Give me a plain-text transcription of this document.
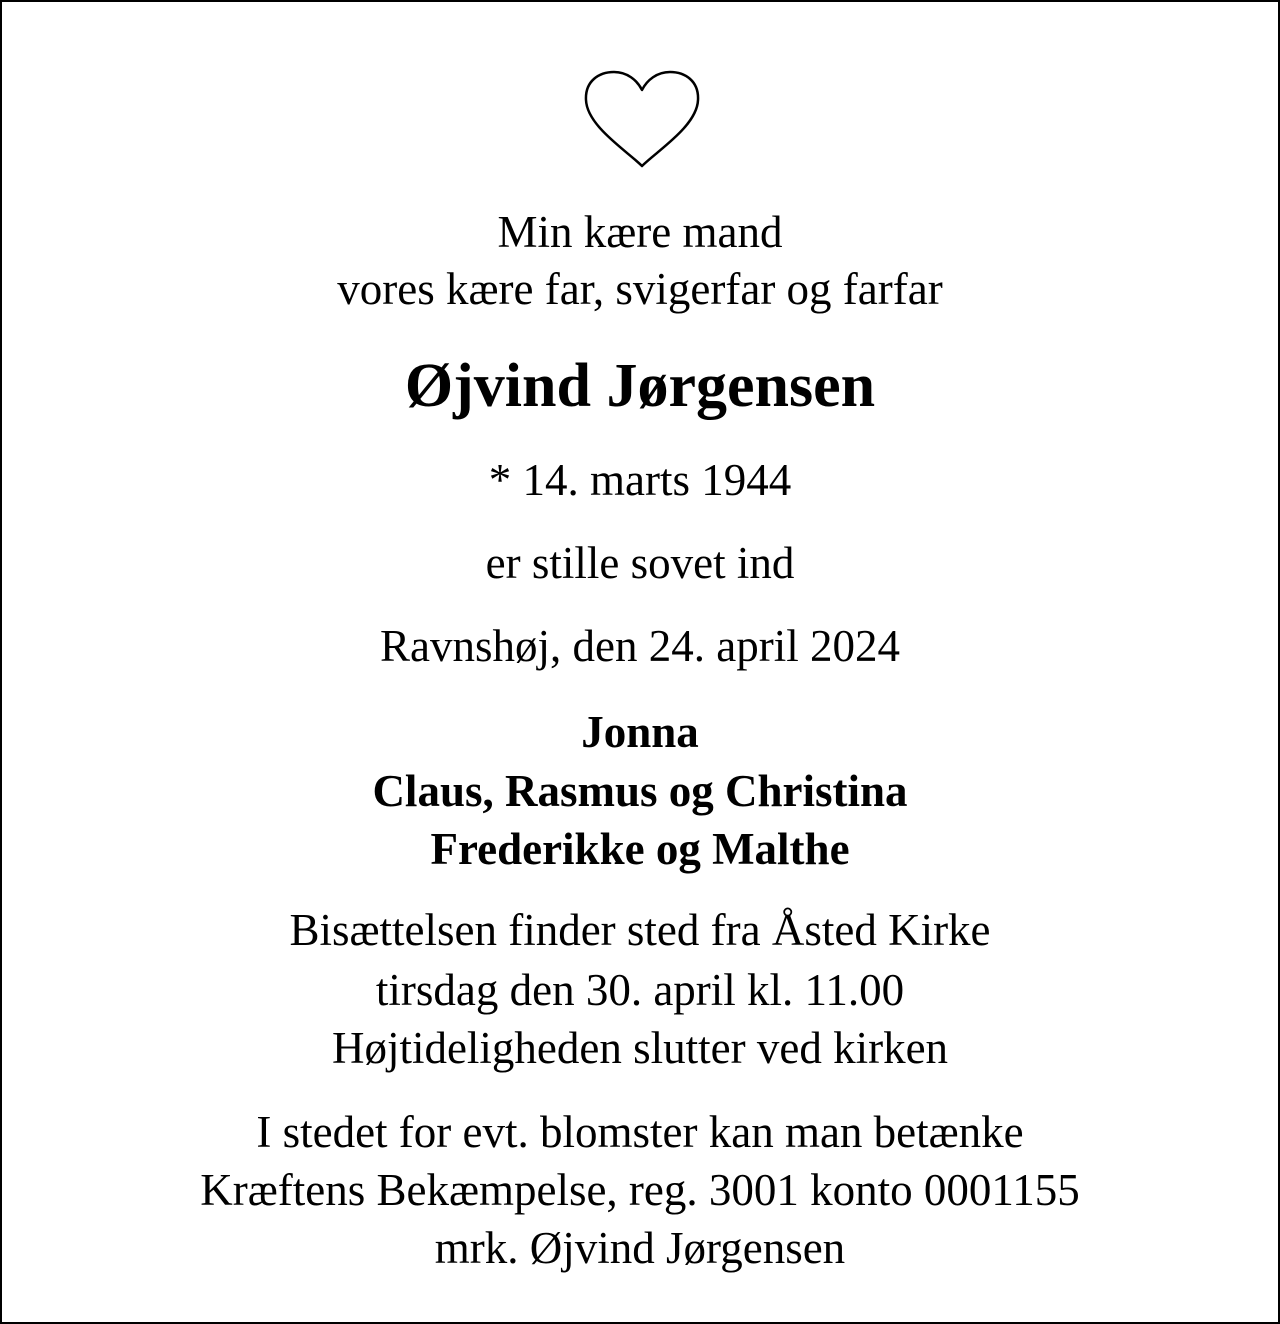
Min kære mand
vores kære far, svigerfar og farfar
Øjvind Jørgensen
* 14. marts 1944
er stille sovet ind
Ravnshøj, den 24. april 2024
Jonna
Claus, Rasmus og Christina
Frederikke og Malthe
Bisættelsen finder sted fra Åsted Kirke
tirsdag den 30. april kl. 11.00
Højtideligheden slutter ved kirken
I stedet for evt. blomster kan man betænke
Kræftens Bekæmpelse, reg. 3001 konto 0001155
mrk. Øjvind Jørgensen
